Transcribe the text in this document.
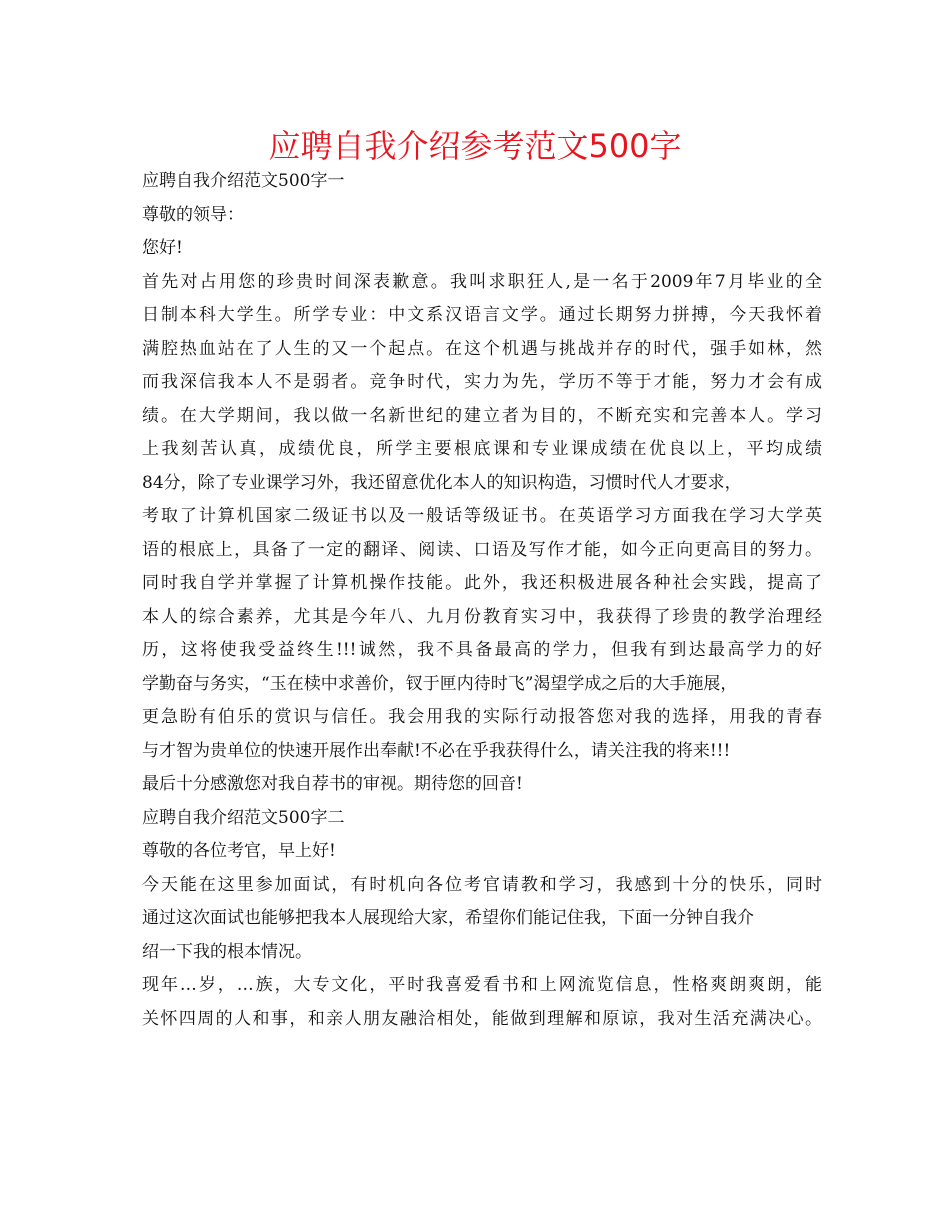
应聘自我介绍参考范文500字
应聘自我介绍范文500字一
尊敬的领导：
您好!
首先对占用您的珍贵时间深表歉意。我叫求职狂人,是一名于2009年7月毕业的全
日制本科大学生。所学专业：中文系汉语言文学。通过长期努力拼搏，今天我怀着
满腔热血站在了人生的又一个起点。在这个机遇与挑战并存的时代，强手如林，然
而我深信我本人不是弱者。竞争时代，实力为先，学历不等于才能，努力才会有成
绩。在大学期间，我以做一名新世纪的建立者为目的，不断充实和完善本人。学习
上我刻苦认真，成绩优良，所学主要根底课和专业课成绩在优良以上，平均成绩
84分，除了专业课学习外，我还留意优化本人的知识构造，习惯时代人才要求，
考取了计算机国家二级证书以及一般话等级证书。在英语学习方面我在学习大学英
语的根底上，具备了一定的翻译、阅读、口语及写作才能，如今正向更高目的努力。
同时我自学并掌握了计算机操作技能。此外，我还积极进展各种社会实践，提高了
本人的综合素养，尤其是今年八、九月份教育实习中，我获得了珍贵的教学治理经
历，这将使我受益终生!!!诚然，我不具备最高的学力，但我有到达最高学力的好
学勤奋与务实，“玉在椟中求善价，钗于匣内待时飞”渴望学成之后的大手施展，
更急盼有伯乐的赏识与信任。我会用我的实际行动报答您对我的选择，用我的青春
与才智为贵单位的快速开展作出奉献!不必在乎我获得什么，请关注我的将来!!!
最后十分感激您对我自荐书的审视。期待您的回音!
应聘自我介绍范文500字二
尊敬的各位考官，早上好!
今天能在这里参加面试，有时机向各位考官请教和学习，我感到十分的快乐，同时
通过这次面试也能够把我本人展现给大家，希望你们能记住我，下面一分钟自我介
绍一下我的根本情况。
现年…岁，…族，大专文化，平时我喜爱看书和上网流览信息，性格爽朗爽朗，能
关怀四周的人和事，和亲人朋友融洽相处，能做到理解和原谅，我对生活充满决心。
